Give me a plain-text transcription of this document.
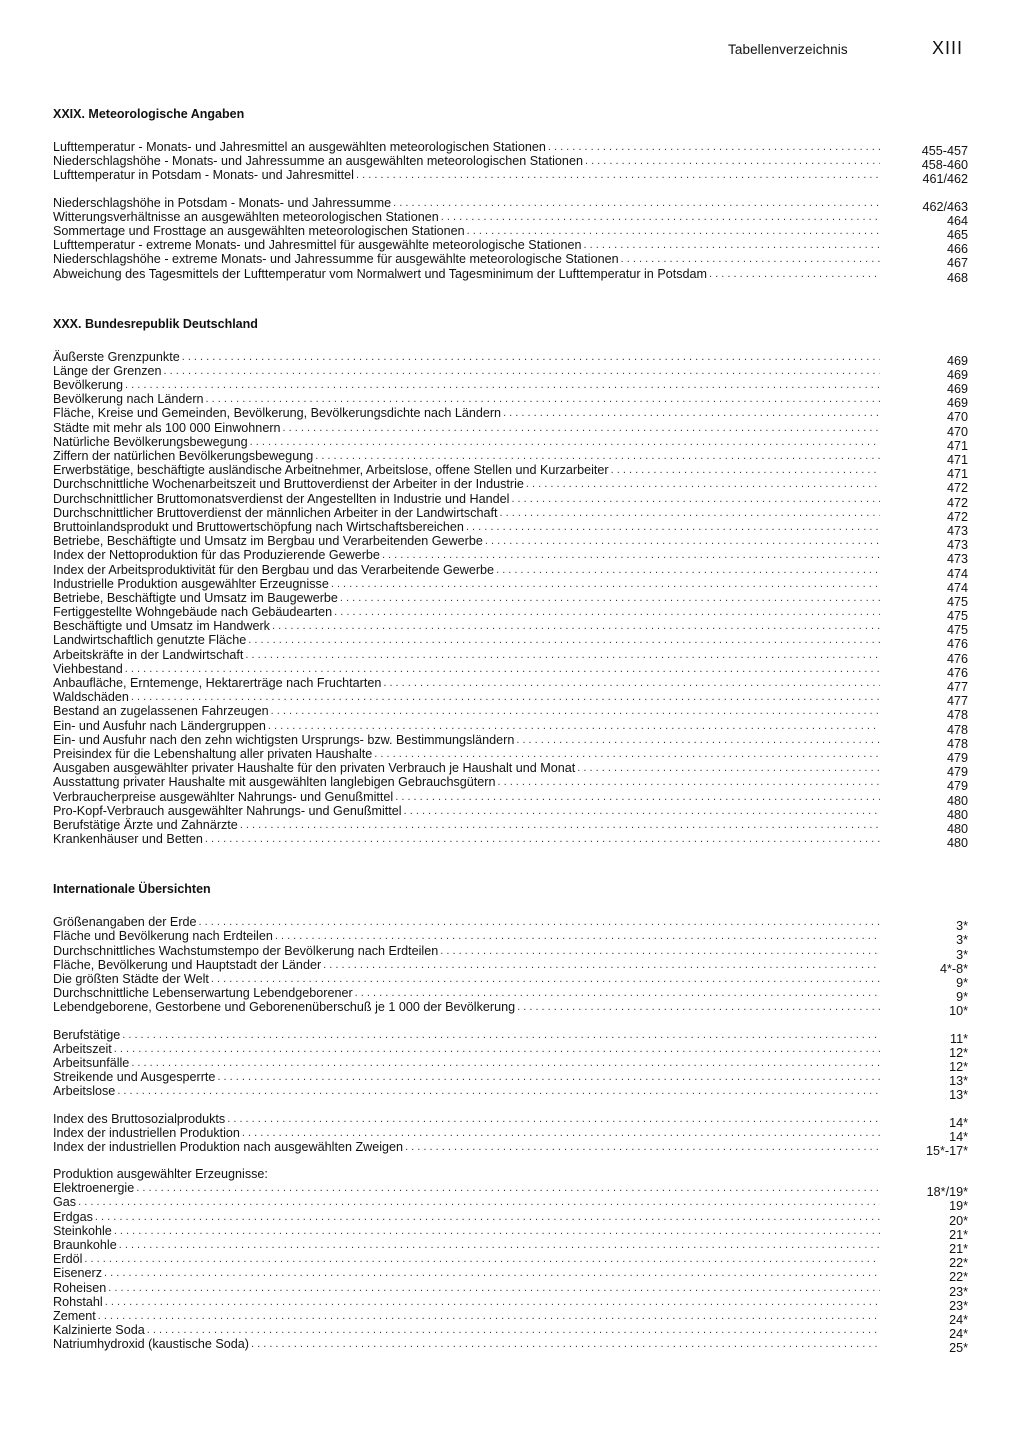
Tabellenverzeichnis	XIII
XXIX. Meteorologische Angaben
Lufttemperatur - Monats- und Jahresmittel an ausgewählten meteorologischen Stationen . . .	455-457
Niederschlagshöhe - Monats- und Jahressumme an ausgewählten meteorologischen Stationen . . .	458-460
Lufttemperatur in Potsdam - Monats- und Jahresmittel . . .	461/462
Niederschlagshöhe in Potsdam - Monats- und Jahressumme . . .	462/463
Witterungsverhältnisse an ausgewählten meteorologischen Stationen . . .	464
Sommertage und Frosttage an ausgewählten meteorologischen Stationen . . .	465
Lufttemperatur - extreme Monats- und Jahresmittel für ausgewählte meteorologische Stationen . . .	466
Niederschlagshöhe - extreme Monats- und Jahressumme für ausgewählte meteorologische Stationen . . .	467
Abweichung des Tagesmittels der Lufttemperatur vom Normalwert und Tagesminimum der Lufttemperatur in Potsdam . . .	468
XXX. Bundesrepublik Deutschland
Äußerste Grenzpunkte . . .	469
Länge der Grenzen . . .	469
Bevölkerung . . .	469
Bevölkerung nach Ländern . . .	469
Fläche, Kreise und Gemeinden, Bevölkerung, Bevölkerungsdichte nach Ländern . . .	470
Städte mit mehr als 100 000 Einwohnern . . .	470
Natürliche Bevölkerungsbewegung . . .	471
Ziffern der natürlichen Bevölkerungsbewegung . . .	471
Erwerbstätige, beschäftigte ausländische Arbeitnehmer, Arbeitslose, offene Stellen und Kurzarbeiter . . .	471
Durchschnittliche Wochenarbeitszeit und Bruttoverdienst der Arbeiter in der Industrie . . .	472
Durchschnittlicher Bruttomonatsverdienst der Angestellten in Industrie und Handel . . .	472
Durchschnittlicher Bruttoverdienst der männlichen Arbeiter in der Landwirtschaft . . .	472
Bruttoinlandsprodukt und Bruttowertschöpfung nach Wirtschaftsbereichen . . .	473
Betriebe, Beschäftigte und Umsatz im Bergbau und Verarbeitenden Gewerbe . . .	473
Index der Nettoproduktion für das Produzierende Gewerbe . . .	473
Index der Arbeitsproduktivität für den Bergbau und das Verarbeitende Gewerbe . . .	474
Industrielle Produktion ausgewählter Erzeugnisse . . .	474
Betriebe, Beschäftigte und Umsatz im Baugewerbe . . .	475
Fertiggestellte Wohngebäude nach Gebäudearten . . .	475
Beschäftigte und Umsatz im Handwerk . . .	475
Landwirtschaftlich genutzte Fläche . . .	476
Arbeitskräfte in der Landwirtschaft . . .	476
Viehbestand . . .	476
Anbaufläche, Erntemenge, Hektarerträge nach Fruchtarten . . .	477
Waldschäden . . .	477
Bestand an zugelassenen Fahrzeugen . . .	478
Ein- und Ausfuhr nach Ländergruppen . . .	478
Ein- und Ausfuhr nach den zehn wichtigsten Ursprungs- bzw. Bestimmungsländern . . .	478
Preisindex für die Lebenshaltung aller privaten Haushalte . . .	479
Ausgaben ausgewählter privater Haushalte für den privaten Verbrauch je Haushalt und Monat . . .	479
Ausstattung privater Haushalte mit ausgewählten langlebigen Gebrauchsgütern . . .	479
Verbraucherpreise ausgewählter Nahrungs- und Genußmittel . . .	480
Pro-Kopf-Verbrauch ausgewählter Nahrungs- und Genußmittel . . .	480
Berufstätige Ärzte und Zahnärzte . . .	480
Krankenhäuser und Betten . . .	480
Internationale Übersichten
Größenangaben der Erde . . .	3*
Fläche und Bevölkerung nach Erdteilen . . .	3*
Durchschnittliches Wachstumstempo der Bevölkerung nach Erdteilen . . .	3*
Fläche, Bevölkerung und Hauptstadt der Länder . . .	4*-8*
Die größten Städte der Welt . . .	9*
Durchschnittliche Lebenserwartung Lebendgeborener . . .	9*
Lebendgeborene, Gestorbene und Geborenenüberschuß je 1 000 der Bevölkerung . . .	10*
Berufstätige . . .	11*
Arbeitszeit . . .	12*
Arbeitsunfälle . . .	12*
Streikende und Ausgesperrte . . .	13*
Arbeitslose . . .	13*
Index des Bruttosozialprodukts . . .	14*
Index der industriellen Produktion . . .	14*
Index der industriellen Produktion nach ausgewählten Zweigen . . .	15*-17*
Produktion ausgewählter Erzeugnisse:
Elektroenergie . . .	18*/19*
Gas . . .	19*
Erdgas . . .	20*
Steinkohle . . .	21*
Braunkohle . . .	21*
Erdöl . . .	22*
Eisenerz . . .	22*
Roheisen . . .	23*
Rohstahl . . .	23*
Zement . . .	24*
Kalzinierte Soda . . .	24*
Natriumhydroxid (kaustische Soda) . . .	25*
